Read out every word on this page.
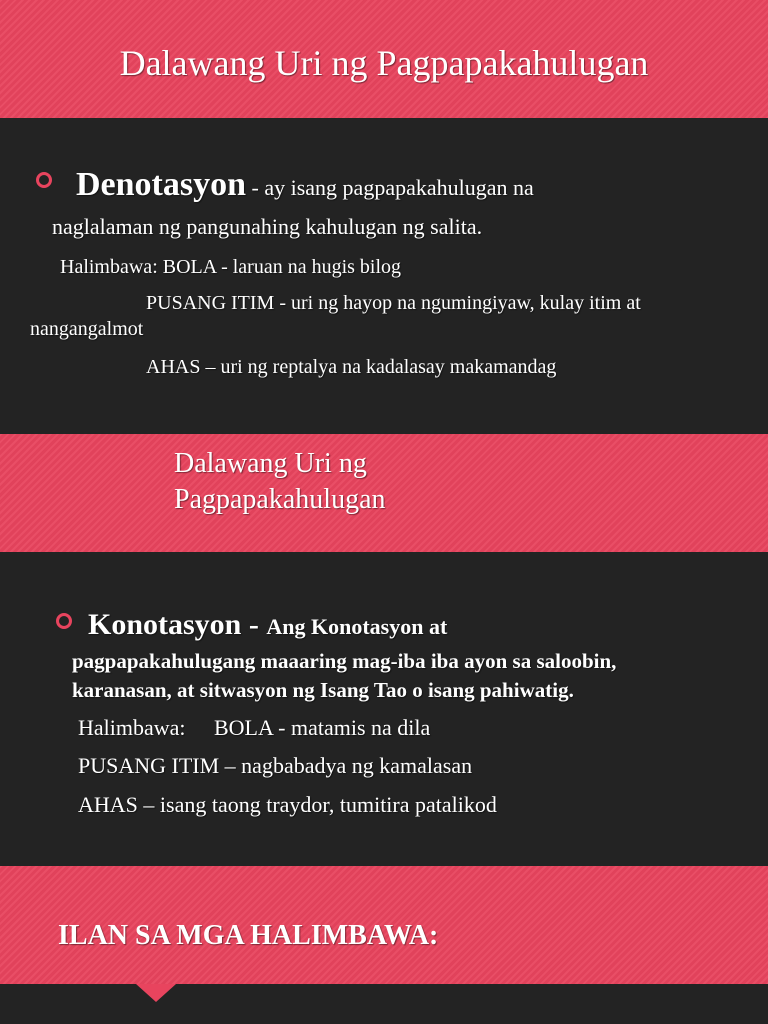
Dalawang Uri ng Pagpapakahulugan
Denotasyon - ay isang pagpapakahulugan na
naglalaman ng pangunahing kahulugan ng salita.
Halimbawa: BOLA - laruan na hugis bilog
PUSANG ITIM - uri ng hayop na ngumingiyaw, kulay itim at
nangangalmot
AHAS – uri ng reptalya na kadalasay makamandag
Dalawang Uri ng
Pagpapakahulugan
Konotasyon - Ang Konotasyon at
pagpapakahulugang maaaring mag-iba iba ayon sa saloobin,
karanasan, at sitwasyon ng Isang Tao o isang pahiwatig.
Halimbawa: BOLA - matamis na dila
PUSANG ITIM – nagbabadya ng kamalasan
AHAS – isang taong traydor, tumitira patalikod
ILAN SA MGA HALIMBAWA:
